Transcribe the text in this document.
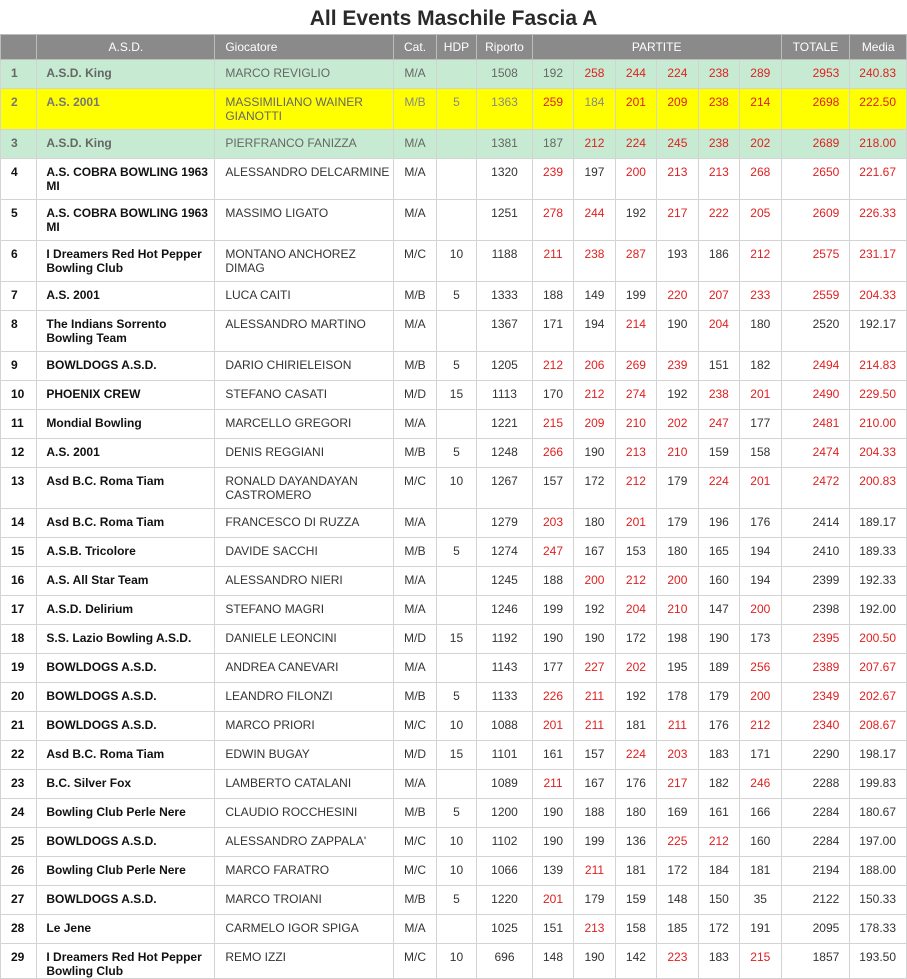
All Events Maschile Fascia A
	A.S.D.	Giocatore	Cat.	HDP	Riporto	PARTITE						TOTALE	Media
1	A.S.D. King	MARCO REVIGLIO	M/A		1508	192	258	244	224	238	289	2953	240.83
2	A.S. 2001	MASSIMILIANO WAINER GIANOTTI	M/B	5	1363	259	184	201	209	238	214	2698	222.50
3	A.S.D. King	PIERFRANCO FANIZZA	M/A		1381	187	212	224	245	238	202	2689	218.00
4	A.S. COBRA BOWLING 1963 MI	ALESSANDRO DELCARMINE	M/A		1320	239	197	200	213	213	268	2650	221.67
5	A.S. COBRA BOWLING 1963 MI	MASSIMO LIGATO	M/A		1251	278	244	192	217	222	205	2609	226.33
6	I Dreamers Red Hot Pepper Bowling Club	MONTANO ANCHOREZ DIMAG	M/C	10	1188	211	238	287	193	186	212	2575	231.17
7	A.S. 2001	LUCA CAITI	M/B	5	1333	188	149	199	220	207	233	2559	204.33
8	The Indians Sorrento Bowling Team	ALESSANDRO MARTINO	M/A		1367	171	194	214	190	204	180	2520	192.17
9	BOWLDOGS A.S.D.	DARIO CHIRIELEISON	M/B	5	1205	212	206	269	239	151	182	2494	214.83
10	PHOENIX CREW	STEFANO CASATI	M/D	15	1113	170	212	274	192	238	201	2490	229.50
11	Mondial Bowling	MARCELLO GREGORI	M/A		1221	215	209	210	202	247	177	2481	210.00
12	A.S. 2001	DENIS REGGIANI	M/B	5	1248	266	190	213	210	159	158	2474	204.33
13	Asd B.C. Roma Tiam	RONALD DAYANDAYAN CASTROMERO	M/C	10	1267	157	172	212	179	224	201	2472	200.83
14	Asd B.C. Roma Tiam	FRANCESCO DI RUZZA	M/A		1279	203	180	201	179	196	176	2414	189.17
15	A.S.B. Tricolore	DAVIDE SACCHI	M/B	5	1274	247	167	153	180	165	194	2410	189.33
16	A.S. All Star Team	ALESSANDRO NIERI	M/A		1245	188	200	212	200	160	194	2399	192.33
17	A.S.D. Delirium	STEFANO MAGRI	M/A		1246	199	192	204	210	147	200	2398	192.00
18	S.S. Lazio Bowling A.S.D.	DANIELE LEONCINI	M/D	15	1192	190	190	172	198	190	173	2395	200.50
19	BOWLDOGS A.S.D.	ANDREA CANEVARI	M/A		1143	177	227	202	195	189	256	2389	207.67
20	BOWLDOGS A.S.D.	LEANDRO FILONZI	M/B	5	1133	226	211	192	178	179	200	2349	202.67
21	BOWLDOGS A.S.D.	MARCO PRIORI	M/C	10	1088	201	211	181	211	176	212	2340	208.67
22	Asd B.C. Roma Tiam	EDWIN BUGAY	M/D	15	1101	161	157	224	203	183	171	2290	198.17
23	B.C. Silver Fox	LAMBERTO CATALANI	M/A		1089	211	167	176	217	182	246	2288	199.83
24	Bowling Club Perle Nere	CLAUDIO ROCCHESINI	M/B	5	1200	190	188	180	169	161	166	2284	180.67
25	BOWLDOGS A.S.D.	ALESSANDRO ZAPPALA'	M/C	10	1102	190	199	136	225	212	160	2284	197.00
26	Bowling Club Perle Nere	MARCO FARATRO	M/C	10	1066	139	211	181	172	184	181	2194	188.00
27	BOWLDOGS A.S.D.	MARCO TROIANI	M/B	5	1220	201	179	159	148	150	35	2122	150.33
28	Le Jene	CARMELO IGOR SPIGA	M/A		1025	151	213	158	185	172	191	2095	178.33
29	I Dreamers Red Hot Pepper Bowling Club	REMO IZZI	M/C	10	696	148	190	142	223	183	215	1857	193.50
